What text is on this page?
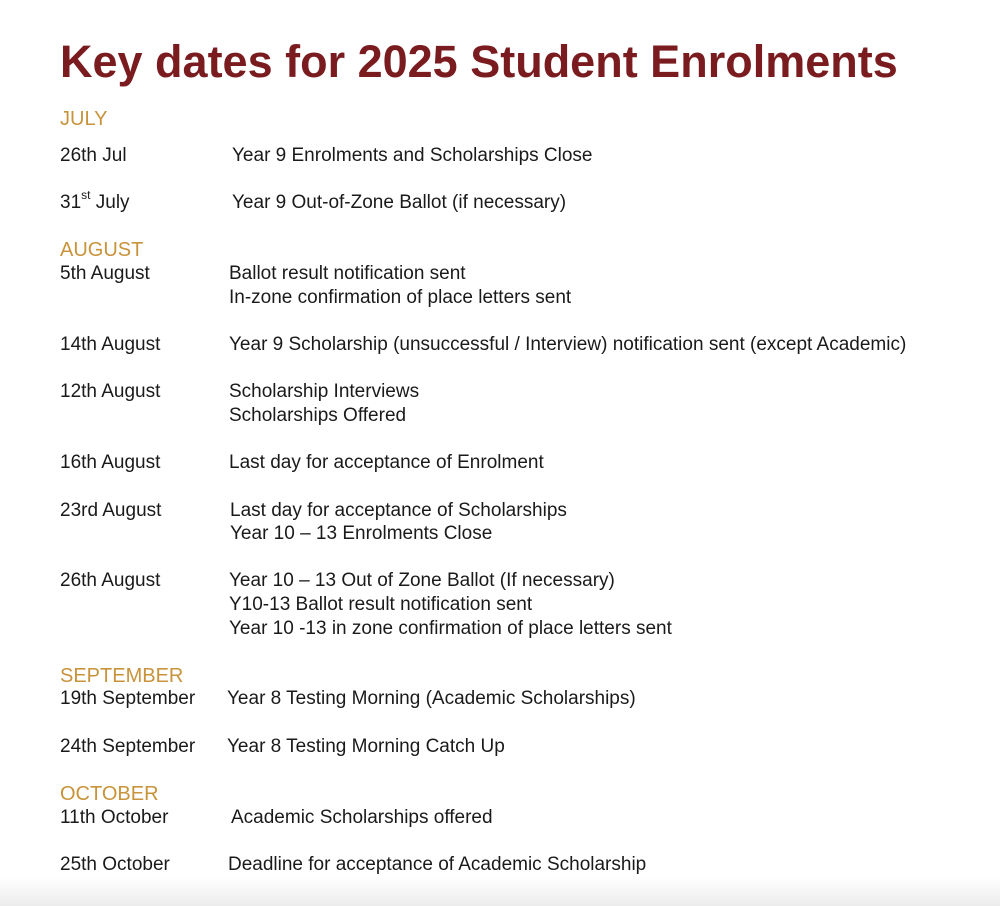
Key dates for 2025 Student Enrolments
JULY
26th Jul	Year 9 Enrolments and Scholarships Close
31st July	Year 9 Out-of-Zone Ballot (if necessary)
AUGUST
5th August	Ballot result notification sent
In-zone confirmation of place letters sent
14th August	Year 9 Scholarship (unsuccessful / Interview) notification sent (except Academic)
12th August	Scholarship Interviews
Scholarships Offered
16th August	Last day for acceptance of Enrolment
23rd August	Last day for acceptance of Scholarships
Year 10 – 13 Enrolments Close
26th August	Year 10 – 13 Out of Zone Ballot (If necessary)
Y10-13 Ballot result notification sent
Year 10 -13 in zone confirmation of place letters sent
SEPTEMBER
19th September Year 8 Testing Morning (Academic Scholarships)
24th September Year 8 Testing Morning Catch Up
OCTOBER
11th October	Academic Scholarships offered
25th October	Deadline for acceptance of Academic Scholarship
